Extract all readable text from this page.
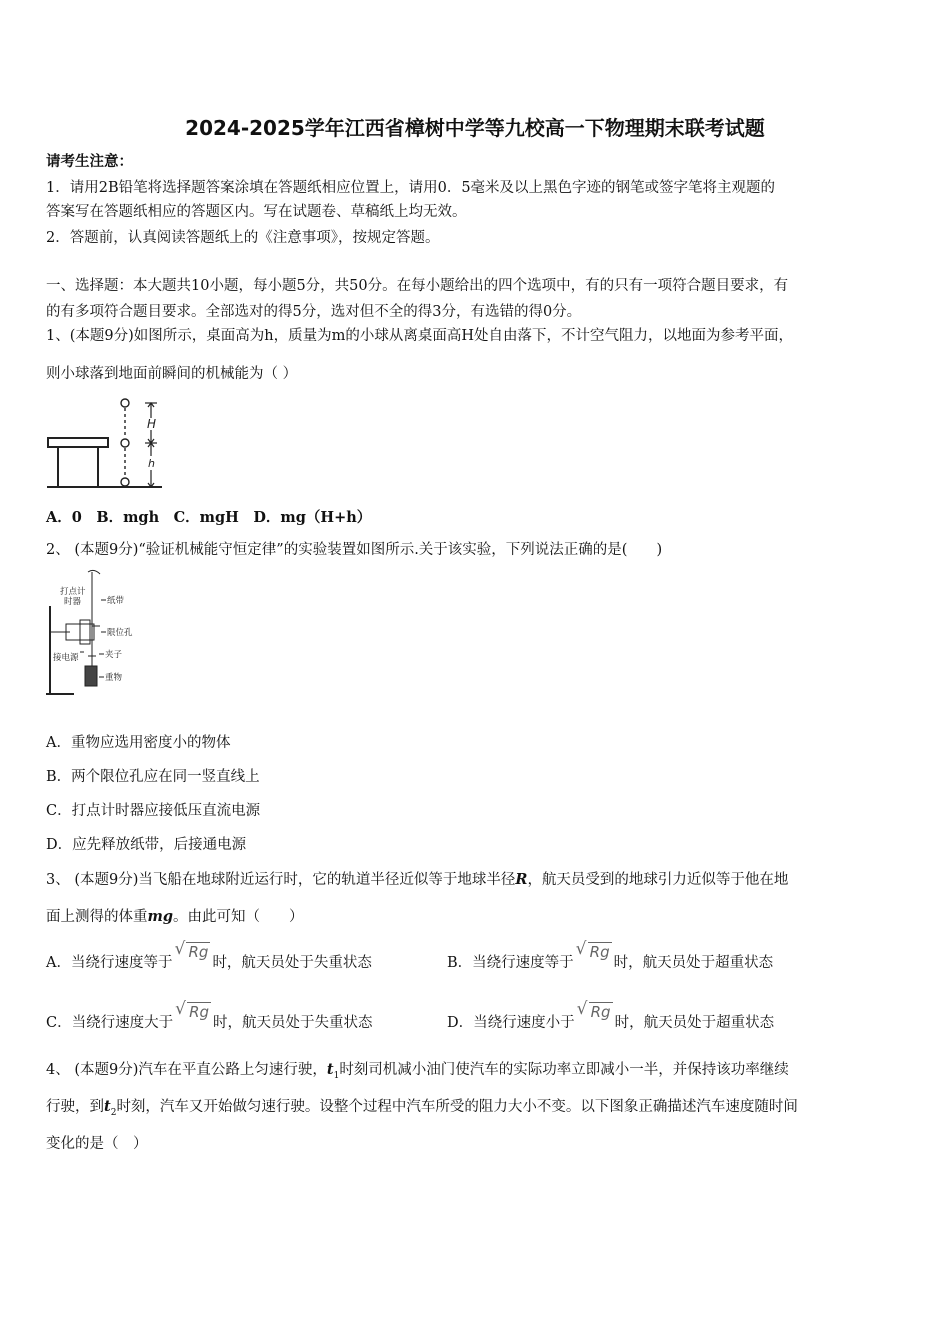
2024-2025学年江西省樟树中学等九校高一下物理期末联考试题
请考生注意：
1．请用2B铅笔将选择题答案涂填在答题纸相应位置上，请用0．5毫米及以上黑色字迹的钢笔或签字笔将主观题的
答案写在答题纸相应的答题区内。写在试题卷、草稿纸上均无效。
2．答题前，认真阅读答题纸上的《注意事项》，按规定答题。
一、选择题：本大题共10小题，每小题5分，共50分。在每小题给出的四个选项中，有的只有一项符合题目要求，有
的有多项符合题目要求。全部选对的得5分，选对但不全的得3分，有选错的得0分。
1、(本题9分)如图所示，桌面高为h，质量为m的小球从离桌面高H处自由落下，不计空气阻力，以地面为参考平面，
则小球落到地面前瞬间的机械能为（ ）
H
h
A．0　B．mgh　C．mgH　D．mg（H+h）
2、 (本题9分)“验证机械能守恒定律”的实验装置如图所示.关于该实验，下列说法正确的是(　　)
打点计
时器	纸带
限位孔
接电源	夹子
重物
A．重物应选用密度小的物体
B．两个限位孔应在同一竖直线上
C．打点计时器应接低压直流电源
D．应先释放纸带，后接通电源
3、 (本题9分)当飞船在地球附近运行时，它的轨道半径近似等于地球半径R，航天员受到的地球引力近似等于他在地
面上测得的体重mg。由此可知（　　）
A．当绕行速度等于√ Rg时，航天员处于失重状态	B．当绕行速度等于√ Rg时，航天员处于超重状态
C．当绕行速度大于√ Rg时，航天员处于失重状态	D．当绕行速度小于√ Rg时，航天员处于超重状态
4、 (本题9分)汽车在平直公路上匀速行驶，$t_1$时刻司机减小油门使汽车的实际功率立即减小一半，并保持该功率继续
行驶，到$t_2$时刻，汽车又开始做匀速行驶。设整个过程中汽车所受的阻力大小不变。以下图象正确描述汽车速度随时间
变化的是（　）
